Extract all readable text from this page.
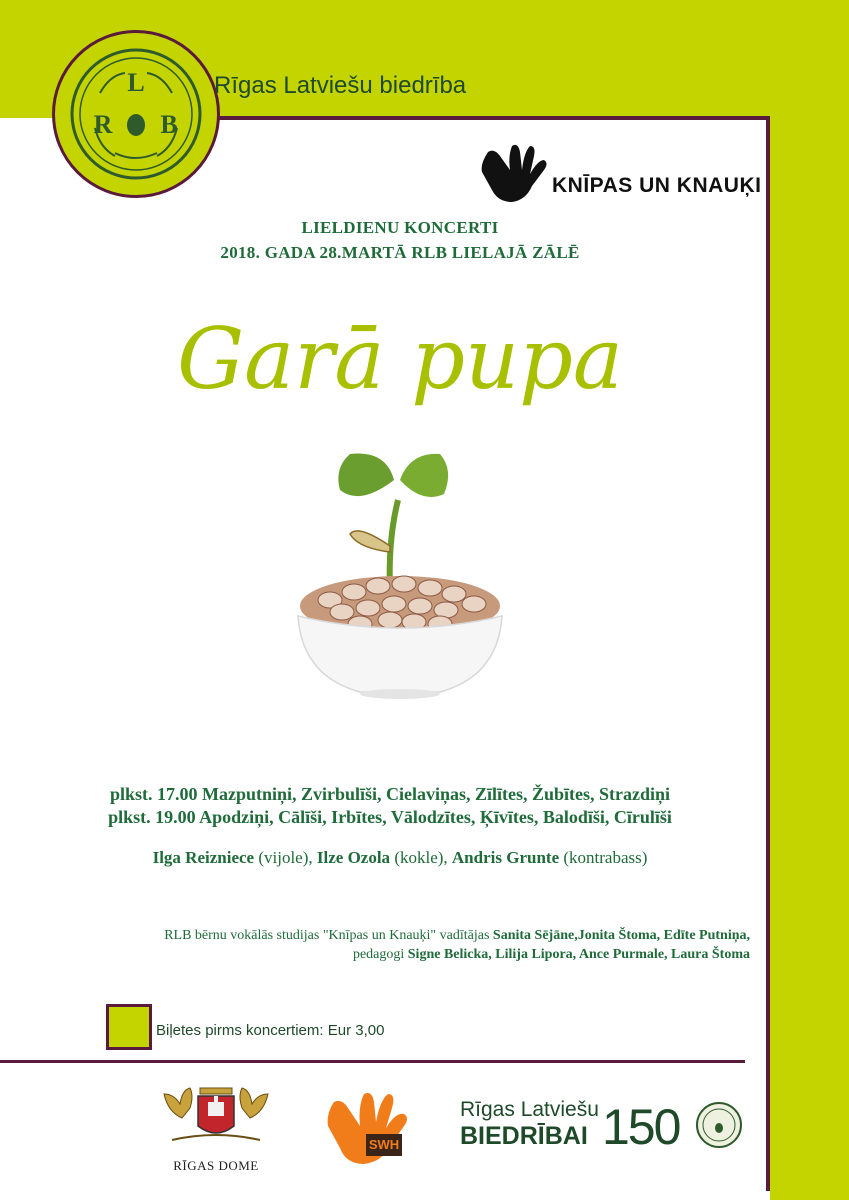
L
R B
Rīgas Latviešu biedrība
KNĪPAS UN KNAUĶI
LIELDIENU KONCERTI
2018. GADA 28.MARTĀ RLB LIELAJĀ ZĀLĒ
Garā pupa
plkst. 17.00 Mazputniņi, Zvirbulīši, Cielaviņas, Zīlītes, Žubītes, Strazdiņi
plkst. 19.00 Apodziņi, Cālīši, Irbītes, Vālodzītes, Ķīvītes, Balodīši, Cīrulīši
Ilga Reizniece (vijole), Ilze Ozola (kokle), Andris Grunte (kontrabass)
RLB bērnu vokālās studijas "Knīpas un Knauķi" vadītājas Sanita Sējāne,Jonita Štoma, Edīte Putniņa,
pedagogi Signe Belicka, Lilija Lipora, Ance Purmale, Laura Štoma
Biļetes pirms koncertiem: Eur 3,00
RĪGAS DOME
SWH
Rīgas Latviešu
BIEDRĪBAI 150
